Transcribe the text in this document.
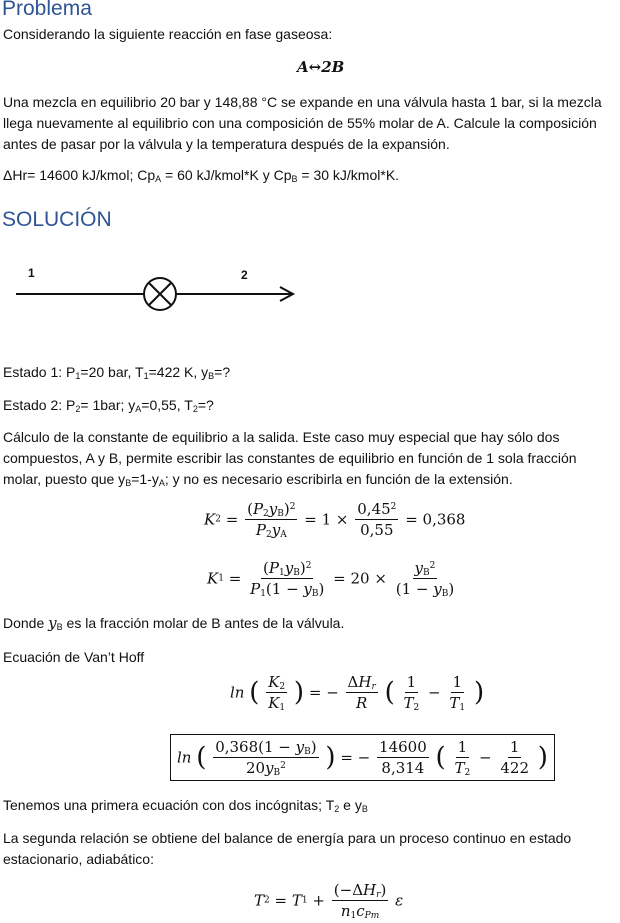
Problema
Considerando la siguiente reacción en fase gaseosa:
A↔2B
Una mezcla en equilibrio 20 bar y 148,88 °C se expande en una válvula hasta 1 bar, si la mezcla
llega nuevamente al equilibrio con una composición de 55% molar de A. Calcule la composición
antes de pasar por la válvula y la temperatura después de la expansión.
ΔHr= 14600 kJ/kmol; $Cp_A = 60$ kJ/kmol*K y $Cp_B = 30$ kJ/kmol*K.
SOLUCIÓN
1	2
Estado 1: $P_1=20$ bar, $T_1=422$ K, $y_B=$?
Estado 2: $P_2= 1bar$; $y_A=0,55$, $T_2=$?
Cálculo de la constante de equilibrio a la salida. Este caso muy especial que hay sólo dos
compuestos, A y B, permite escribir las constantes de equilibrio en función de 1 sola fracción
molar, puesto que $y_B=1-y_A$; y no es necesario escribirla en función de la extensión.
$K2 = \frac{(P_2y_B)^2}{P_2y_A} = 1 \times \frac{0,45^2}{0,55} = 0,368$
$K1 = \frac{(P_1y_B)^2}{P_1(1 - y_B)} = 20 \times \frac{y_B^2}{(1 - y_B)}$
Donde $y_B$ es la fracción molar de B antes de la válvula.
Ecuación de Van’t Hoff
ln ( $\frac{K_2}{K_1}$ ) = − $\frac{\Delta H_r}{R}$ ( $\frac{1}{T_2} - \frac{1}{T_1}$ )
ln ( $\frac{0,368(1 - y_B)}{20y_B^2}$ ) = − $\frac{14600}{8,314}$ ( $\frac{1}{T_2} - \frac{1}{422}$ )
Tenemos una primera ecuación con dos incógnitas; $T_2$ e $y_B$
La segunda relación se obtiene del balance de energía para un proceso continuo en estado
estacionario, adiabático:
$T2 = T1 + \frac{(-\Delta H_r)}{n_1c_{Pm}}$ ε
